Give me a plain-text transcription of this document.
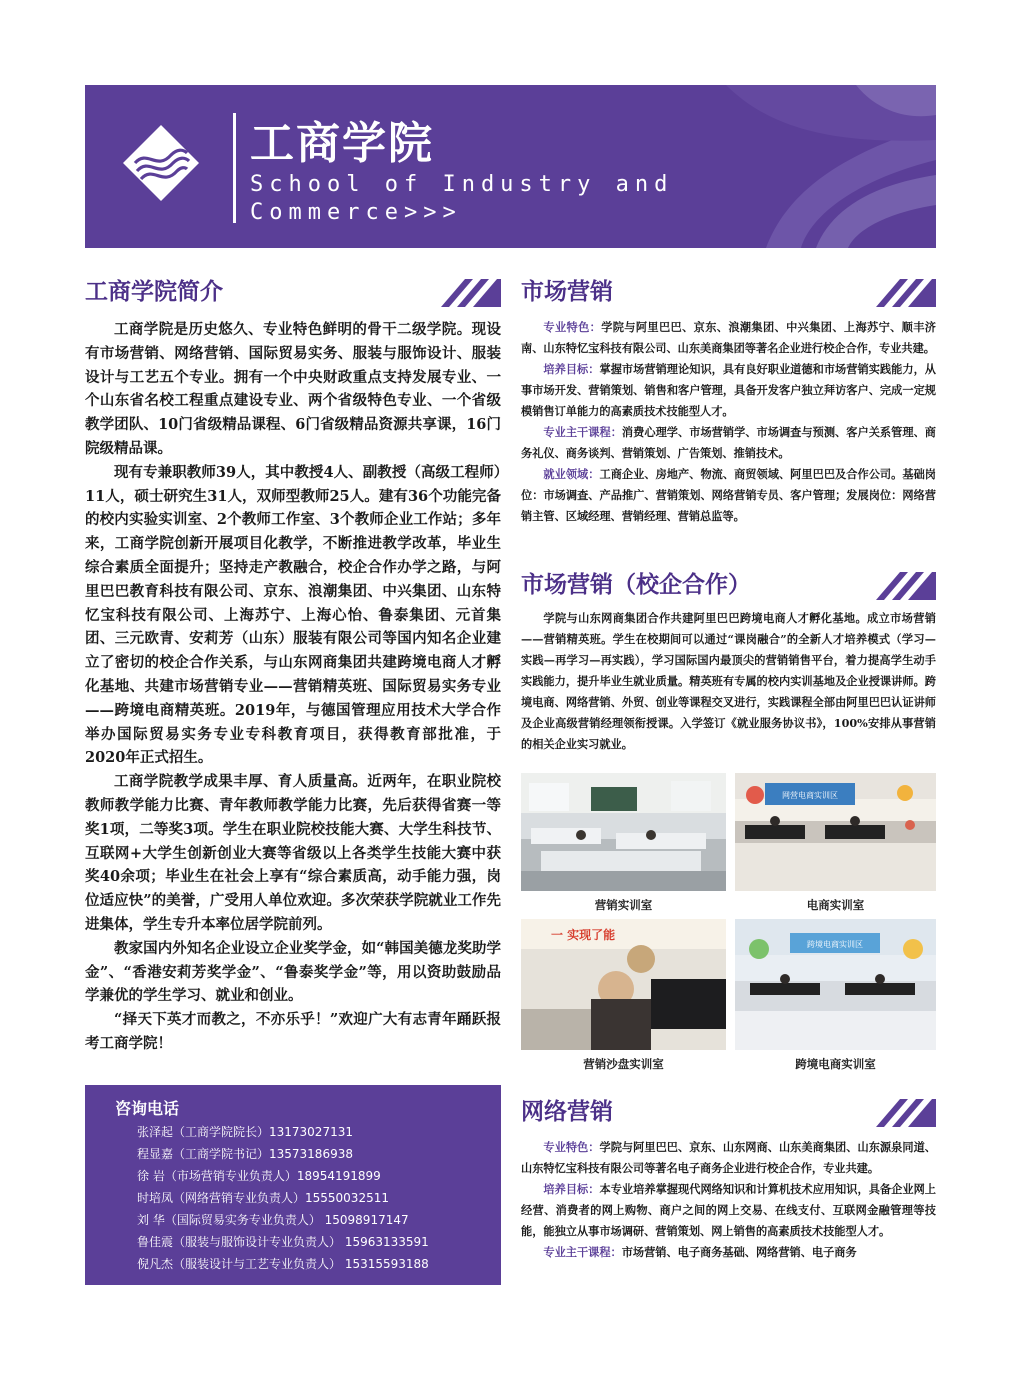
工商学院
School of Industry and Commerce>>>
工商学院简介

工商学院是历史悠久、专业特色鲜明的骨干二级学院。现设有市场营销、网络营销、国际贸易实务、服装与服饰设计、服装设计与工艺五个专业。拥有一个中央财政重点支持发展专业、一个山东省名校工程重点建设专业、两个省级特色专业、一个省级教学团队、10门省级精品课程、6门省级精品资源共享课，16门院级精品课。

现有专兼职教师39人，其中教授4人、副教授（高级工程师）11人，硕士研究生31人，双师型教师25人。建有36个功能完备的校内实验实训室、2个教师工作室、3个教师企业工作站；多年来，工商学院创新开展项目化教学，不断推进教学改革，毕业生综合素质全面提升；坚持走产教融合，校企合作办学之路，与阿里巴巴教育科技有限公司、京东、浪潮集团、中兴集团、山东特忆宝科技有限公司、上海苏宁、上海心怡、鲁泰集团、元首集团、三元欧青、安莉芳（山东）服装有限公司等国内知名企业建立了密切的校企合作关系，与山东网商集团共建跨境电商人才孵化基地、共建市场营销专业——营销精英班、国际贸易实务专业——跨境电商精英班。2019年，与德国管理应用技术大学合作举办国际贸易实务专业专科教育项目，获得教育部批准，于2020年正式招生。

工商学院教学成果丰厚、育人质量高。近两年，在职业院校教师教学能力比赛、青年教师教学能力比赛，先后获得省赛一等奖1项，二等奖3项。学生在职业院校技能大赛、大学生科技节、互联网+大学生创新创业大赛等省级以上各类学生技能大赛中获奖40余项；毕业生在社会上享有“综合素质高，动手能力强，岗位适应快”的美誉，广受用人单位欢迎。多次荣获学院就业工作先进集体，学生专升本率位居学院前列。

教家国内外知名企业设立企业奖学金，如“韩国美德龙奖助学金”、“香港安莉芳奖学金”、“鲁泰奖学金”等，用以资助鼓励品学兼优的学生学习、就业和创业。

“择天下英才而教之，不亦乐乎！”欢迎广大有志青年踊跃报考工商学院！

咨询电话
张泽起（工商学院院长）13173027131
程显嘉（工商学院书记）13573186938
徐 岩（市场营销专业负责人）18954191899
时培凤（网络营销专业负责人）15550032511
刘 华（国际贸易实务专业负责人） 15098917147
鲁佳震（服装与服饰设计专业负责人） 15963133591
倪凡杰（服装设计与工艺专业负责人） 15315593188
市场营销

专业特色：学院与阿里巴巴、京东、浪潮集团、中兴集团、上海苏宁、顺丰济南、山东特忆宝科技有限公司、山东美商集团等著名企业进行校企合作，专业共建。

培养目标：掌握市场营销理论知识，具有良好职业道德和市场营销实践能力，从事市场开发、营销策划、销售和客户管理，具备开发客户独立拜访客户、完成一定规模销售订单能力的高素质技术技能型人才。

专业主干课程：消费心理学、市场营销学、市场调查与预测、客户关系管理、商务礼仪、商务谈判、营销策划、广告策划、推销技术。

就业领域：工商企业、房地产、物流、商贸领域、阿里巴巴及合作公司。基础岗位：市场调查、产品推广、营销策划、网络营销专员、客户管理；发展岗位：网络营销主管、区域经理、营销经理、营销总监等。

市场营销（校企合作）

学院与山东网商集团合作共建阿里巴巴跨境电商人才孵化基地。成立市场营销——营销精英班。学生在校期间可以通过“课岗融合”的全新人才培养模式（学习—实践—再学习—再实践），学习国际国内最顶尖的营销销售平台，着力提高学生动手实践能力，提升毕业生就业质量。精英班有专属的校内实训基地及企业授课讲师。跨境电商、网络营销、外贸、创业等课程交叉进行，实践课程全部由阿里巴巴认证讲师及企业高级营销经理领衔授课。入学签订《就业服务协议书》，100%安排从事营销的相关企业实习就业。

营销实训室
网营电商实训区
电商实训室
一 实现了能
营销沙盘实训室
跨境电商实训区
跨境电商实训室
网络营销

专业特色：学院与阿里巴巴、京东、山东网商、山东美商集团、山东源泉同道、山东特忆宝科技有限公司等著名电子商务企业进行校企合作，专业共建。

培养目标：本专业培养掌握现代网络知识和计算机技术应用知识，具备企业网上经营、消费者的网上购物、商户之间的网上交易、在线支付、互联网金融管理等技能，能独立从事市场调研、营销策划、网上销售的高素质技术技能型人才。

专业主干课程：市场营销、电子商务基础、网络营销、电子商务
